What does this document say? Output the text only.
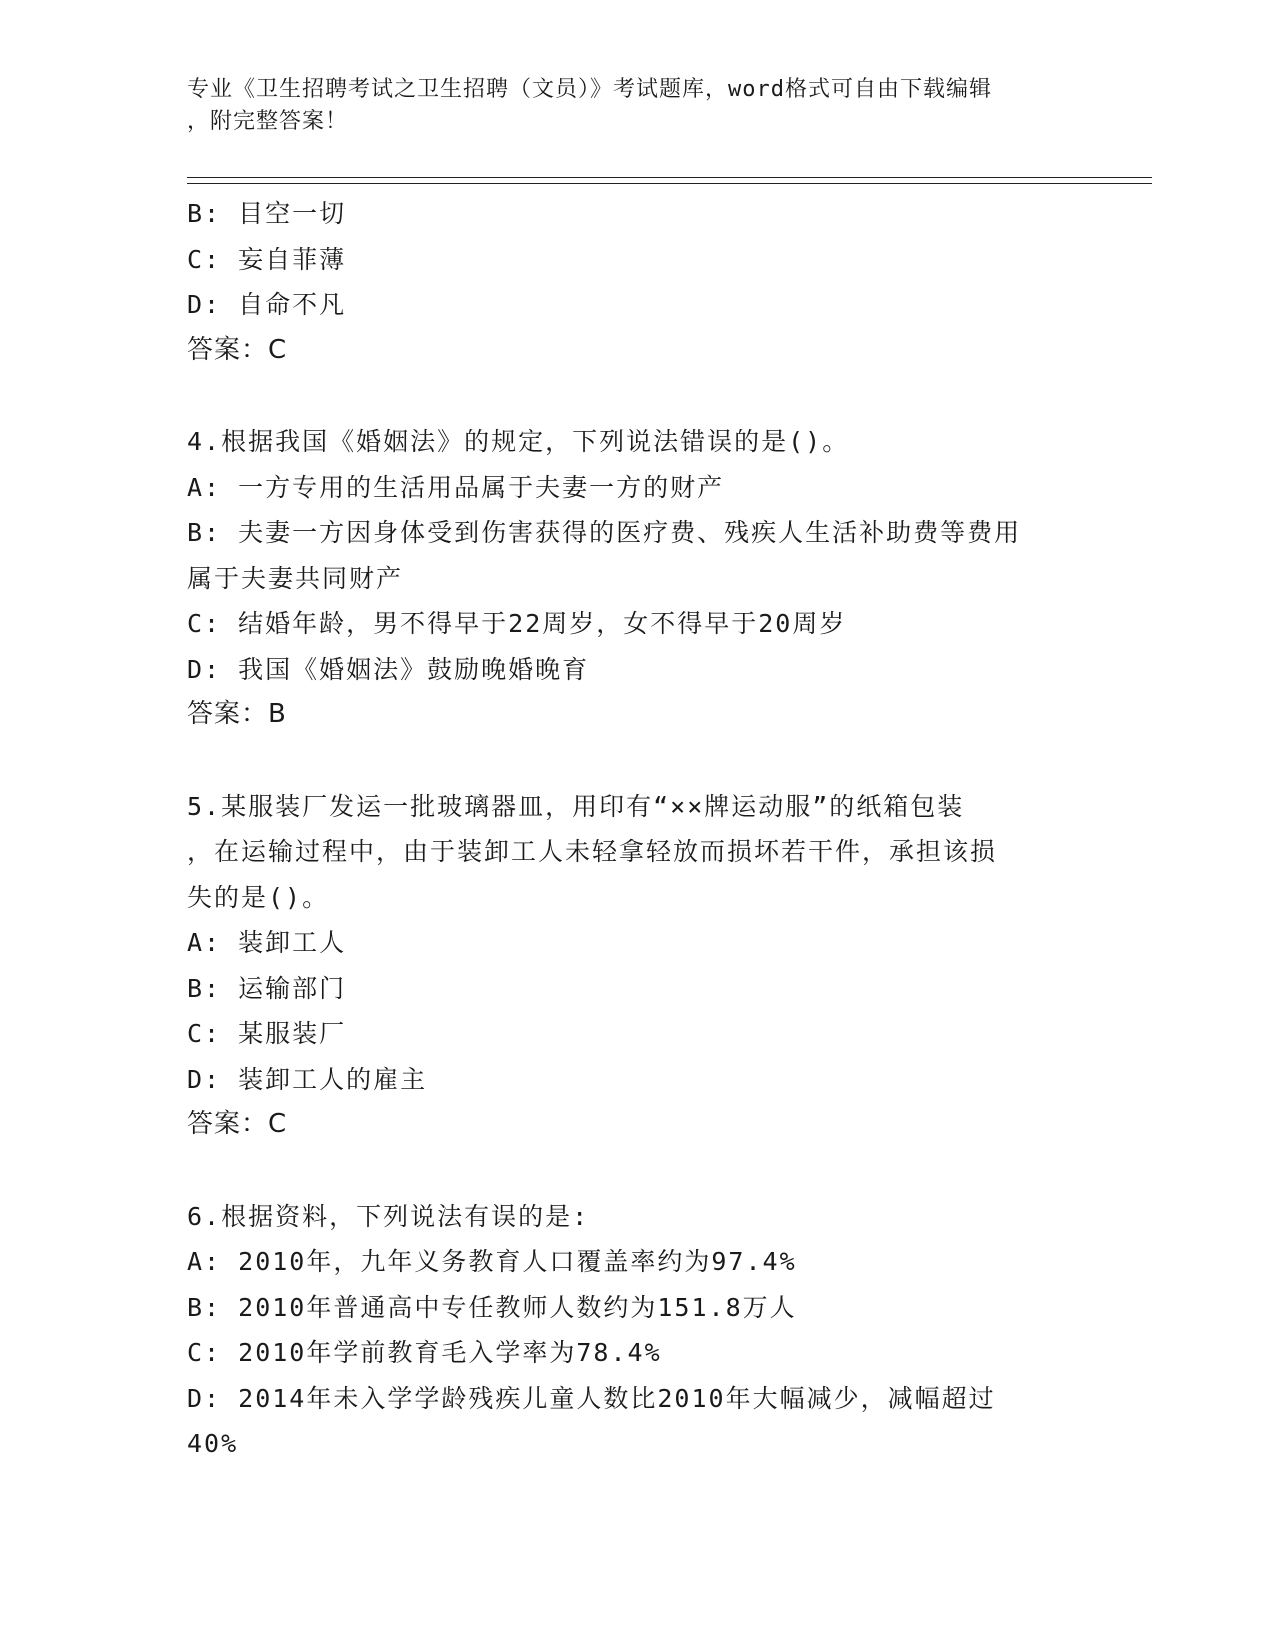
专业《卫生招聘考试之卫生招聘（文员）》考试题库，word格式可自由下载编辑
，附完整答案！
B: 目空一切
C: 妄自菲薄
D: 自命不凡
答案：C
4.根据我国《婚姻法》的规定，下列说法错误的是()。
A: 一方专用的生活用品属于夫妻一方的财产
B: 夫妻一方因身体受到伤害获得的医疗费、残疾人生活补助费等费用
属于夫妻共同财产
C: 结婚年龄，男不得早于22周岁，女不得早于20周岁
D: 我国《婚姻法》鼓励晚婚晚育
答案：B
5.某服装厂发运一批玻璃器皿，用印有“××牌运动服”的纸箱包装
，在运输过程中，由于装卸工人未轻拿轻放而损坏若干件，承担该损
失的是()。
A: 装卸工人
B: 运输部门
C: 某服装厂
D: 装卸工人的雇主
答案：C
6.根据资料，下列说法有误的是:
A: 2010年，九年义务教育人口覆盖率约为97.4%
B: 2010年普通高中专任教师人数约为151.8万人
C: 2010年学前教育毛入学率为78.4%
D: 2014年未入学学龄残疾儿童人数比2010年大幅减少，减幅超过
40%
